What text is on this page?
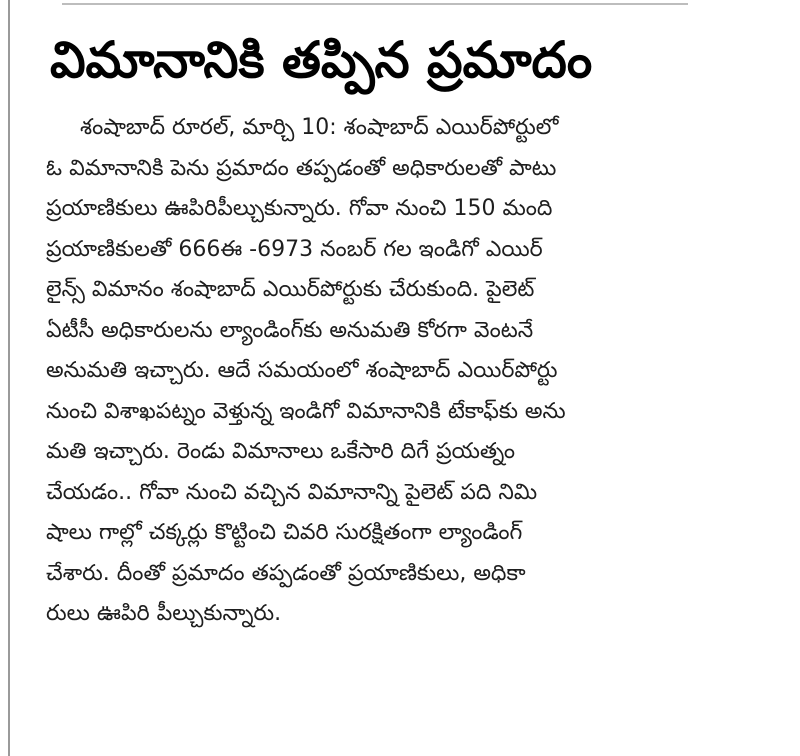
విమానానికి తప్పిన ప్రమాదం
శంషాబాద్ రూరల్, మార్చి 10: శంషాబాద్ ఎయిర్‌పోర్టులో
ఓ విమానానికి పెను ప్రమాదం తప్పడంతో అధికారులతో పాటు
ప్రయాణికులు ఊపిరిపీల్చుకున్నారు. గోవా నుంచి 150 మంది
ప్రయాణికులతో 666ఈ -6973 నంబర్ గల ఇండిగో ఎయిర్
లైన్స్ విమానం శంషాబాద్ ఎయిర్‌పోర్టుకు చేరుకుంది. పైలెట్
ఏటీసీ అధికారులను ల్యాండింగ్‌కు అనుమతి కోరగా వెంటనే
అనుమతి ఇచ్చారు. ఆదే సమయంలో శంషాబాద్ ఎయిర్‌పోర్టు
నుంచి విశాఖపట్నం వెళ్తున్న ఇండిగో విమానానికి టేకాఫ్‌కు అను
మతి ఇచ్చారు. రెండు విమానాలు ఒకేసారి దిగే ప్రయత్నం
చేయడం.. గోవా నుంచి వచ్చిన విమానాన్ని పైలెట్ పది నిమి
షాలు గాల్లో చక్కర్లు కొట్టించి చివరి సురక్షితంగా ల్యాండింగ్
చేశారు. దీంతో ప్రమాదం తప్పడంతో ప్రయాణికులు, అధికా
రులు ఊపిరి పీల్చుకున్నారు.
